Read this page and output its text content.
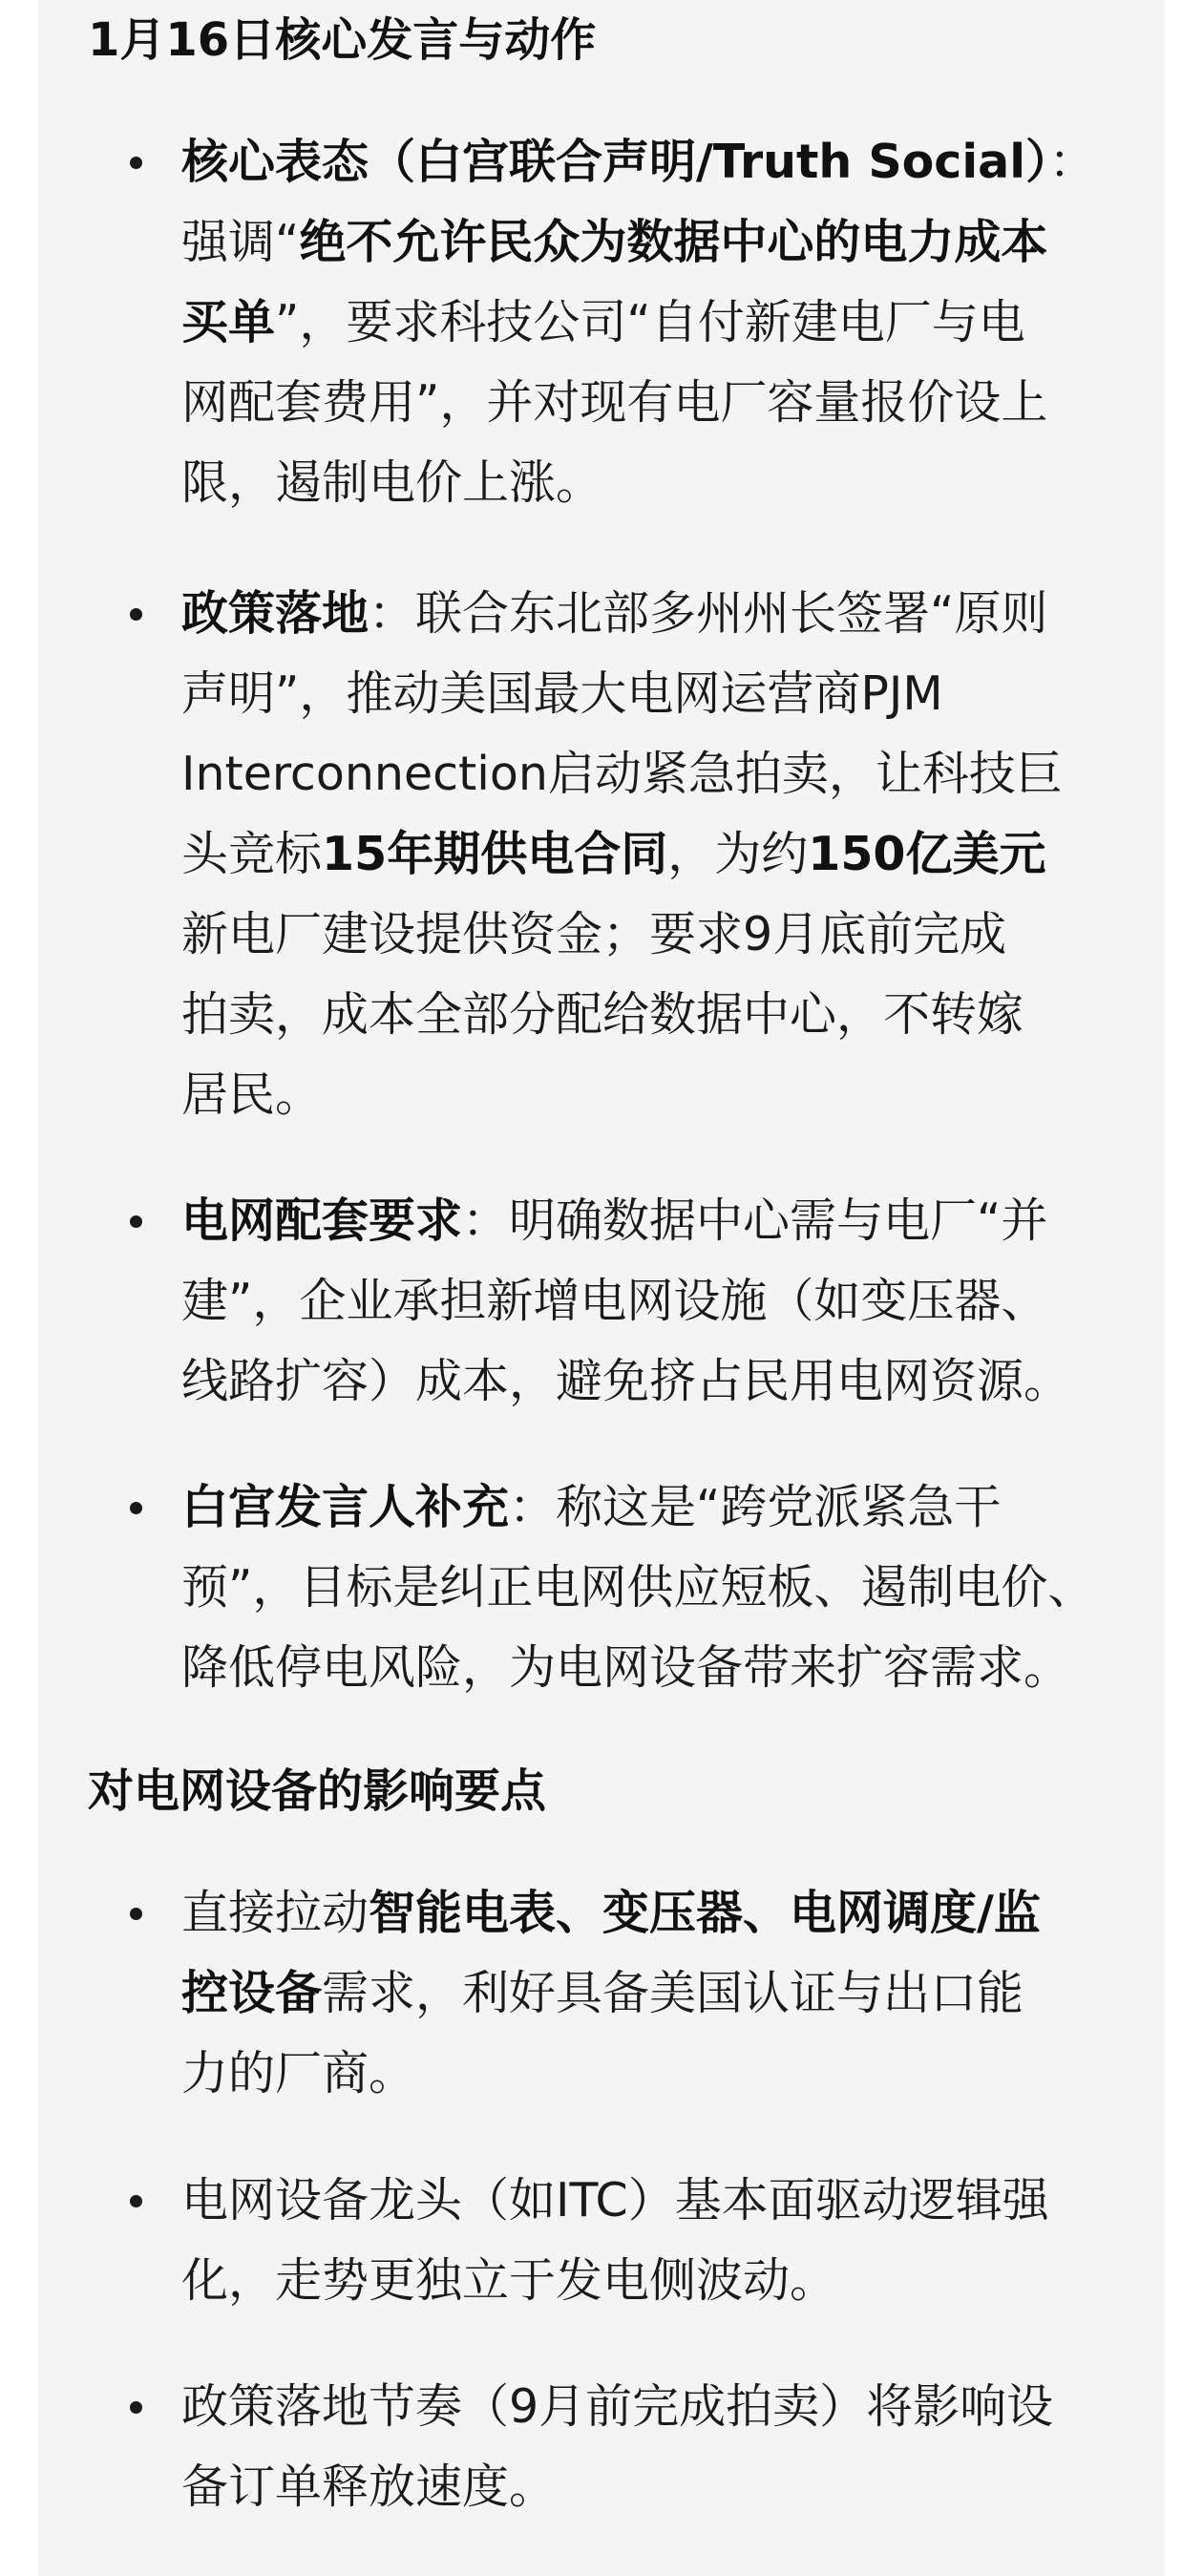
1月16日核心发言与动作
核心表态（白宫联合声明/Truth Social）：
强调“绝不允许民众为数据中心的电力成本
买单”，要求科技公司“自付新建电厂与电
网配套费用”，并对现有电厂容量报价设上
限，遏制电价上涨。
政策落地：联合东北部多州州长签署“原则
声明”，推动美国最大电网运营商PJM
Interconnection启动紧急拍卖，让科技巨
头竞标15年期供电合同，为约150亿美元
新电厂建设提供资金；要求9月底前完成
拍卖，成本全部分配给数据中心，不转嫁
居民。
电网配套要求：明确数据中心需与电厂“并
建”，企业承担新增电网设施（如变压器、
线路扩容）成本，避免挤占民用电网资源。
白宫发言人补充：称这是“跨党派紧急干
预”，目标是纠正电网供应短板、遏制电价、
降低停电风险，为电网设备带来扩容需求。
对电网设备的影响要点
直接拉动智能电表、变压器、电网调度/监
控设备需求，利好具备美国认证与出口能
力的厂商。
电网设备龙头（如ITC）基本面驱动逻辑强
化，走势更独立于发电侧波动。
政策落地节奏（9月前完成拍卖）将影响设
备订单释放速度。
